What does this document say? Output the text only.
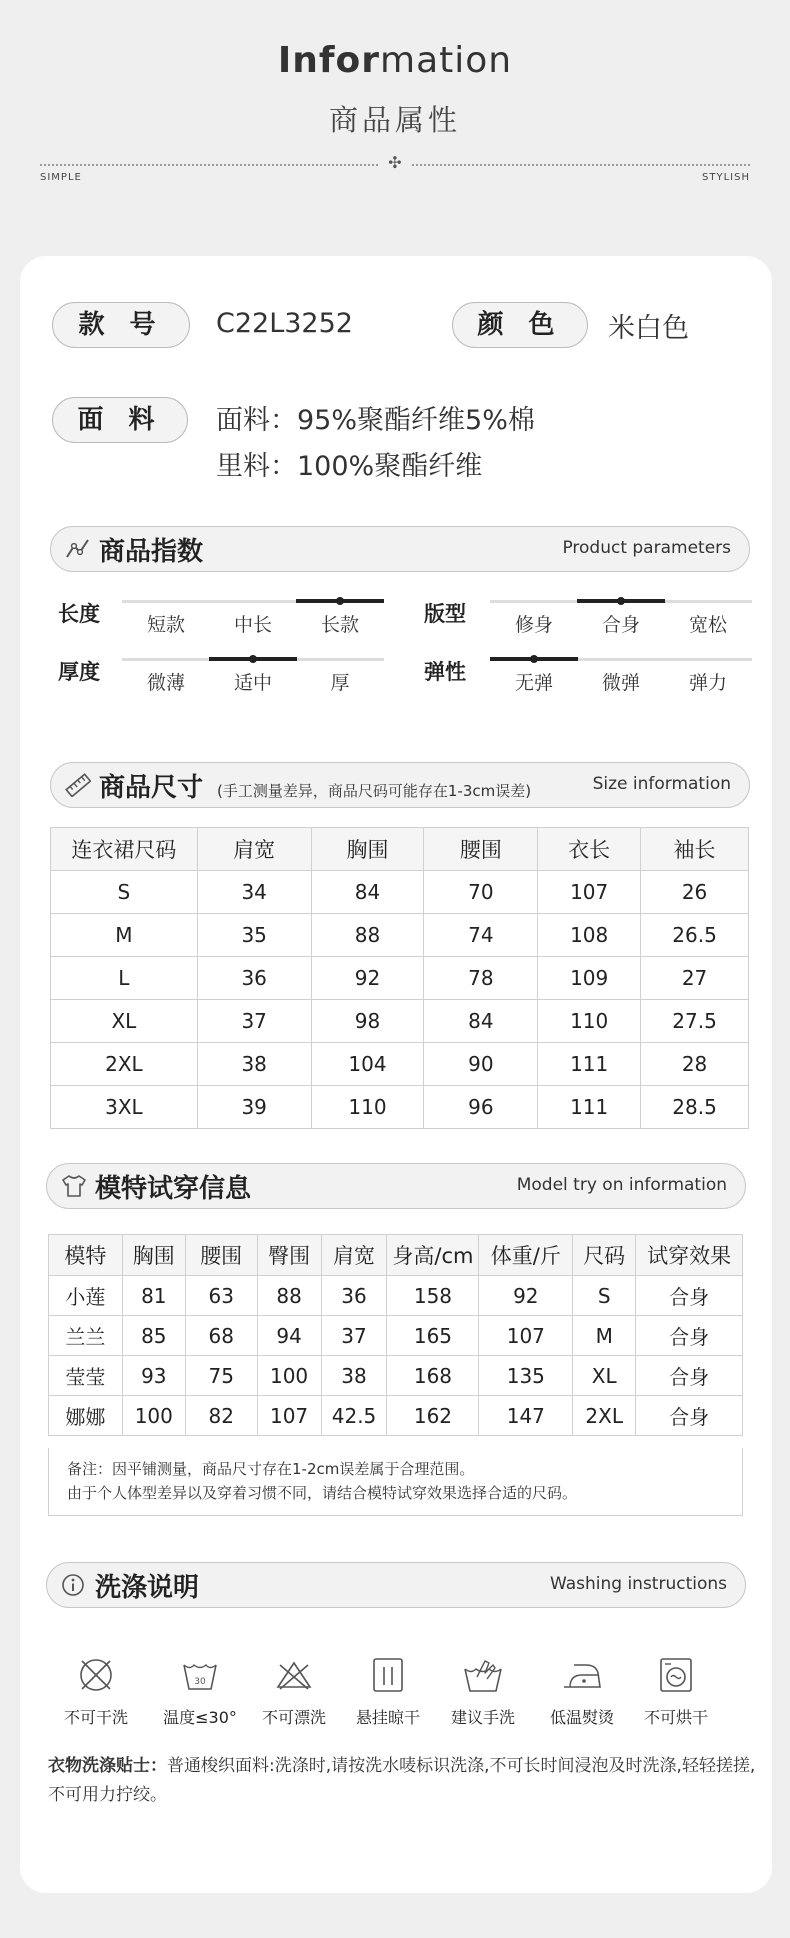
Information
商品属性
✣
SIMPLE	STYLISH
款 号	C22L3252	颜 色	米白色
面 料	面料：95%聚酯纤维5%棉
里料：100%聚酯纤维
商品指数	Product parameters
长度	短款	中长	长款	版型	修身	合身	宽松
厚度	微薄	适中	厚	弹性	无弹	微弹	弹力
商品尺寸 (手工测量差异，商品尺码可能存在1-3cm误差)	Size information
连衣裙尺码	肩宽	胸围	腰围	衣长	袖长
S	34	84	70	107	26
M	35	88	74	108	26.5
L	36	92	78	109	27
XL	37	98	84	110	27.5
2XL	38	104	90	111	28
3XL	39	110	96	111	28.5
模特试穿信息	Model try on information
模特	胸围	腰围	臀围	肩宽	身高/cm	体重/斤	尺码	试穿效果
小莲	81	63	88	36	158	92	S	合身
兰兰	85	68	94	37	165	107	M	合身
莹莹	93	75	100	38	168	135	XL	合身
娜娜	100	82	107	42.5	162	147	2XL	合身
备注：因平铺测量，商品尺寸存在1-2cm误差属于合理范围。
由于个人体型差异以及穿着习惯不同，请结合模特试穿效果选择合适的尺码。
洗涤说明	Washing instructions
不可干洗
30
温度≤30°	不可漂洗	悬挂晾干	建议手洗	低温熨烫	不可烘干
衣物洗涤贴士：普通梭织面料:洗涤时,请按洗水唛标识洗涤,不可长时间浸泡及时洗涤,轻轻搓搓,不可用力拧绞。
